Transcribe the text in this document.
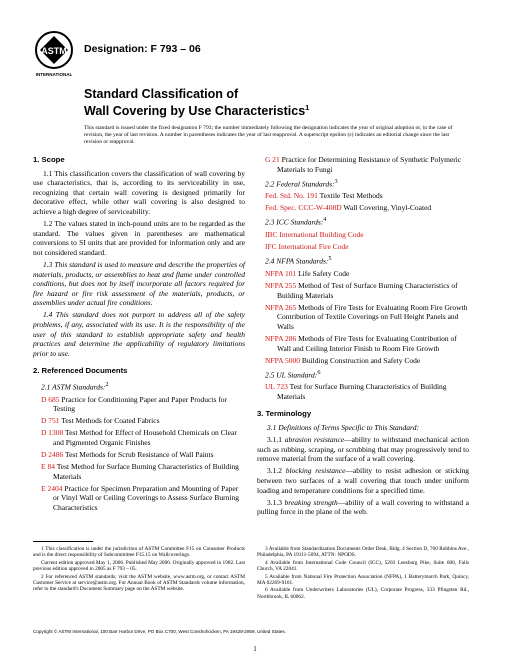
ASTM
INTERNATIONAL
Designation: F 793 – 06
Standard Classification of
Wall Covering by Use Characteristics$^1$
This standard is issued under the fixed designation F 793; the number immediately following the designation indicates the year of original adoption or, in the case of revision, the year of last revision. A number in parentheses indicates the year of last reapproval. A superscript epsilon (ε) indicates an editorial change since the last revision or reapproval.
1. Scope

1.1 This classification covers the classification of wall covering by use characteristics, that is, according to its serviceability in use, recognizing that certain wall covering is designed primarily for decorative effect, while other wall covering is also designed to achieve a high degree of serviceability.

1.2 The values stated in inch-pound units are to be regarded as the standard. The values given in parentheses are mathematical conversions to SI units that are provided for information only and are not considered standard.

1.3 This standard is used to measure and describe the properties of materials, products, or assemblies to heat and flame under controlled conditions, but does not by itself incorporate all factors required for fire hazard or fire risk assessment of the materials, products, or assemblies under actual fire conditions.

1.4 This standard does not purport to address all of the safety problems, if any, associated with its use. It is the responsibility of the user of this standard to establish appropriate safety and health practices and determine the applicability of regulatory limitations prior to use.

2. Referenced Documents

2.1 ASTM Standards:$^2$

D 685 Practice for Conditioning Paper and Paper Products for Testing

D 751 Test Methods for Coated Fabrics

D 1308 Test Method for Effect of Household Chemicals on Clear and Pigmented Organic Finishes

D 2486 Test Methods for Scrub Resistance of Wall Paints

E 84 Test Method for Surface Burning Characteristics of Building Materials

E 2404 Practice for Specimen Preparation and Mounting of Paper or Vinyl Wall or Ceiling Coverings to Assess Surface Burning Characteristics

G 21 Practice for Determining Resistance of Synthetic Polymeric Materials to Fungi

2.2 Federal Standards:$^3$

Fed. Std. No. 191 Textile Test Methods

Fed. Spec. CCC-W-408D Wall Covering, Vinyl-Coated

2.3 ICC Standards:$^4$

IBC International Building Code

IFC International Fire Code

2.4 NFPA Standards:$^5$

NFPA 101 Life Safety Code

NFPA 255 Method of Test of Surface Burning Characteristics of Building Materials

NFPA 265 Methods of Fire Tests for Evaluating Room Fire Growth Contribution of Textile Coverings on Full Height Panels and Walls

NFPA 286 Methods of Fire Tests for Evaluating Contribution of Wall and Ceiling Interior Finish to Room Fire Growth

NFPA 5000 Building Construction and Safety Code

2.5 UL Standard:$^6$

UL 723 Test for Surface Burning Characteristics of Building Materials

3. Terminology

3.1 Definitions of Terms Specific to This Standard:

3.1.1 abrasion resistance—ability to withstand mechanical action such as rubbing, scraping, or scrubbing that may progressively tend to remove material from the surface of a wall covering.

3.1.2 blocking resistance—ability to resist adhesion or sticking between two surfaces of a wall covering that touch under uniform loading and temperature conditions for a specified time.

3.1.3 breaking strength—ability of a wall covering to withstand a pulling force in the plane of the web.

1 This classification is under the jurisdiction of ASTM Committee F15 on Consumer Products and is the direct responsibility of Subcommittee F15.15 on Wallcoverings.

Current edition approved May 1, 2006. Published May 2006. Originally approved in 1982. Last previous edition approved in 2005 as F 793 – 05.

2 For referenced ASTM standards, visit the ASTM website, www.astm.org, or contact ASTM Customer Service at service@astm.org. For Annual Book of ASTM Standards volume information, refer to the standard's Document Summary page on the ASTM website.

3 Available from Standardization Documents Order Desk, Bldg. 4 Section D, 700 Robbins Ave., Philadelphia, PA 19111-5094, ATTN: NPODS.

4 Available from International Code Council (ICC), 5203 Leesburg Pike, Suite 600, Falls Church, VA 22041.

5 Available from National Fire Protection Association (NFPA), 1 Batterymarch Park, Quincy, MA 02269-9101.

6 Available from Underwriters Laboratories (UL), Corporate Progress, 333 Pfingsten Rd., Northbrook, IL 60062.

Copyright © ASTM International, 100 Barr Harbor Drive, PO Box C700, West Conshohocken, PA 19428-2959, United States.
1
